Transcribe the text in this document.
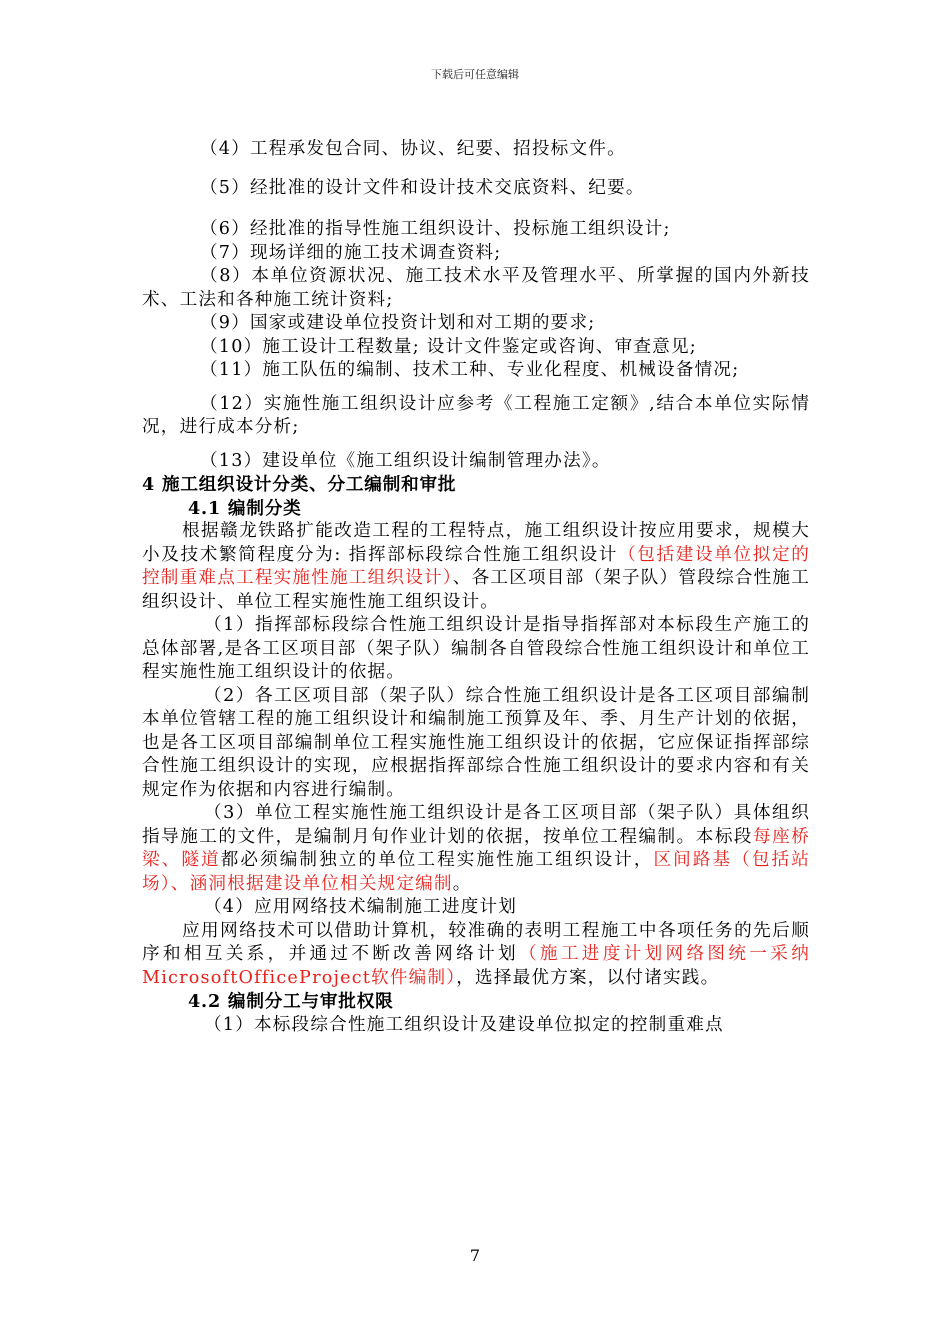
下载后可任意编辑

（4）工程承发包合同、协议、纪要、招投标文件。

（5）经批准的设计文件和设计技术交底资料、纪要。

（6）经批准的指导性施工组织设计、投标施工组织设计;

（7）现场详细的施工技术调查资料;

（8）本单位资源状况、施工技术水平及管理水平、所掌握的国内外新技术、工法和各种施工统计资料;

（9）国家或建设单位投资计划和对工期的要求;

（10）施工设计工程数量; 设计文件鉴定或咨询、审查意见;

（11）施工队伍的编制、技术工种、专业化程度、机械设备情况;

（12）实施性施工组织设计应参考《工程施工定额》,结合本单位实际情况，进行成本分析;

（13）建设单位《施工组织设计编制管理办法》。

4 施工组织设计分类、分工编制和审批

4.1 编制分类

根据赣龙铁路扩能改造工程的工程特点，施工组织设计按应用要求，规模大小及技术繁简程度分为: 指挥部标段综合性施工组织设计（包括建设单位拟定的控制重难点工程实施性施工组织设计）、各工区项目部（架子队）管段综合性施工组织设计、单位工程实施性施工组织设计。

（1）指挥部标段综合性施工组织设计是指导指挥部对本标段生产施工的总体部署,是各工区项目部（架子队）编制各自管段综合性施工组织设计和单位工程实施性施工组织设计的依据。

（2）各工区项目部（架子队）综合性施工组织设计是各工区项目部编制本单位管辖工程的施工组织设计和编制施工预算及年、季、月生产计划的依据，也是各工区项目部编制单位工程实施性施工组织设计的依据，它应保证指挥部综合性施工组织设计的实现，应根据指挥部综合性施工组织设计的要求内容和有关规定作为依据和内容进行编制。

（3）单位工程实施性施工组织设计是各工区项目部（架子队）具体组织指导施工的文件，是编制月旬作业计划的依据，按单位工程编制。本标段每座桥梁、隧道都必须编制独立的单位工程实施性施工组织设计，区间路基（包括站场）、涵洞根据建设单位相关规定编制。

（4）应用网络技术编制施工进度计划

应用网络技术可以借助计算机，较准确的表明工程施工中各项任务的先后顺序和相互关系，并通过不断改善网络计划（施工进度计划网络图统一采纳MicrosoftOfficeProject软件编制），选择最优方案，以付诸实践。

4.2 编制分工与审批权限

（1）本标段综合性施工组织设计及建设单位拟定的控制重难点

7
